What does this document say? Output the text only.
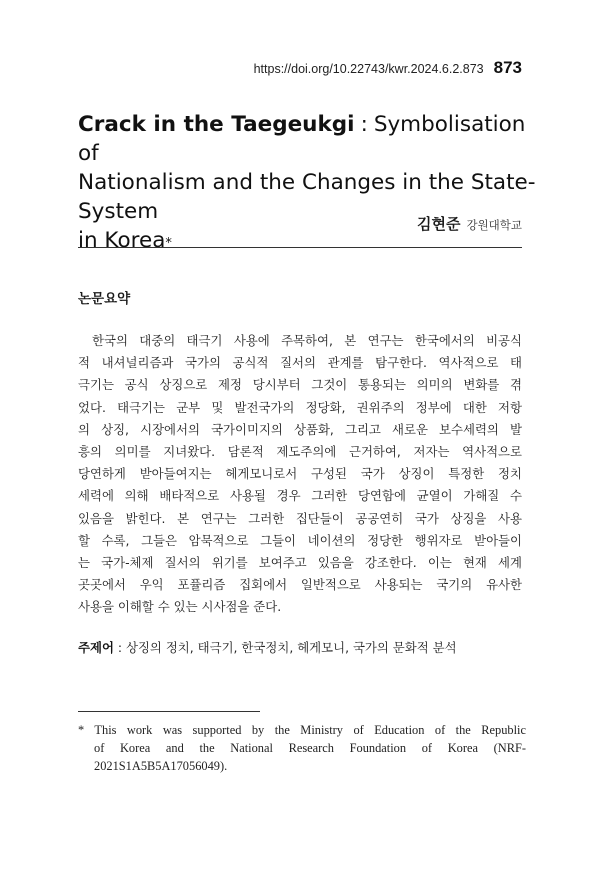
https://doi.org/10.22743/kwr.2024.6.2.873 873
Crack in the Taegeukgi : Symbolisation of
Nationalism and the Changes in the State-System
in Korea*
김현준 강원대학교
논문요약
한국의 대중의 태극기 사용에 주목하여, 본 연구는 한국에서의 비공식
적 내셔널리즘과 국가의 공식적 질서의 관계를 탐구한다. 역사적으로 태
극기는 공식 상징으로 제정 당시부터 그것이 통용되는 의미의 변화를 겪
었다. 태극기는 군부 및 발전국가의 정당화, 권위주의 정부에 대한 저항
의 상징, 시장에서의 국가이미지의 상품화, 그리고 새로운 보수세력의 발
흥의 의미를 지녀왔다. 담론적 제도주의에 근거하여, 저자는 역사적으로
당연하게 받아들여지는 헤게모니로서 구성된 국가 상징이 특정한 정치
세력에 의해 배타적으로 사용될 경우 그러한 당연함에 균열이 가해질 수
있음을 밝힌다. 본 연구는 그러한 집단들이 공공연히 국가 상징을 사용
할 수록, 그들은 암묵적으로 그들이 네이션의 정당한 행위자로 받아들이
는 국가-체제 질서의 위기를 보여주고 있음을 강조한다. 이는 현재 세계
곳곳에서 우익 포퓰리즘 집회에서 일반적으로 사용되는 국기의 유사한
사용을 이해할 수 있는 시사점을 준다.
주제어 : 상징의 정치, 태극기, 한국정치, 헤게모니, 국가의 문화적 분석
* This work was supported by the Ministry of Education of the Republic
of Korea and the National Research Foundation of Korea (NRF-
2021S1A5B5A17056049).
